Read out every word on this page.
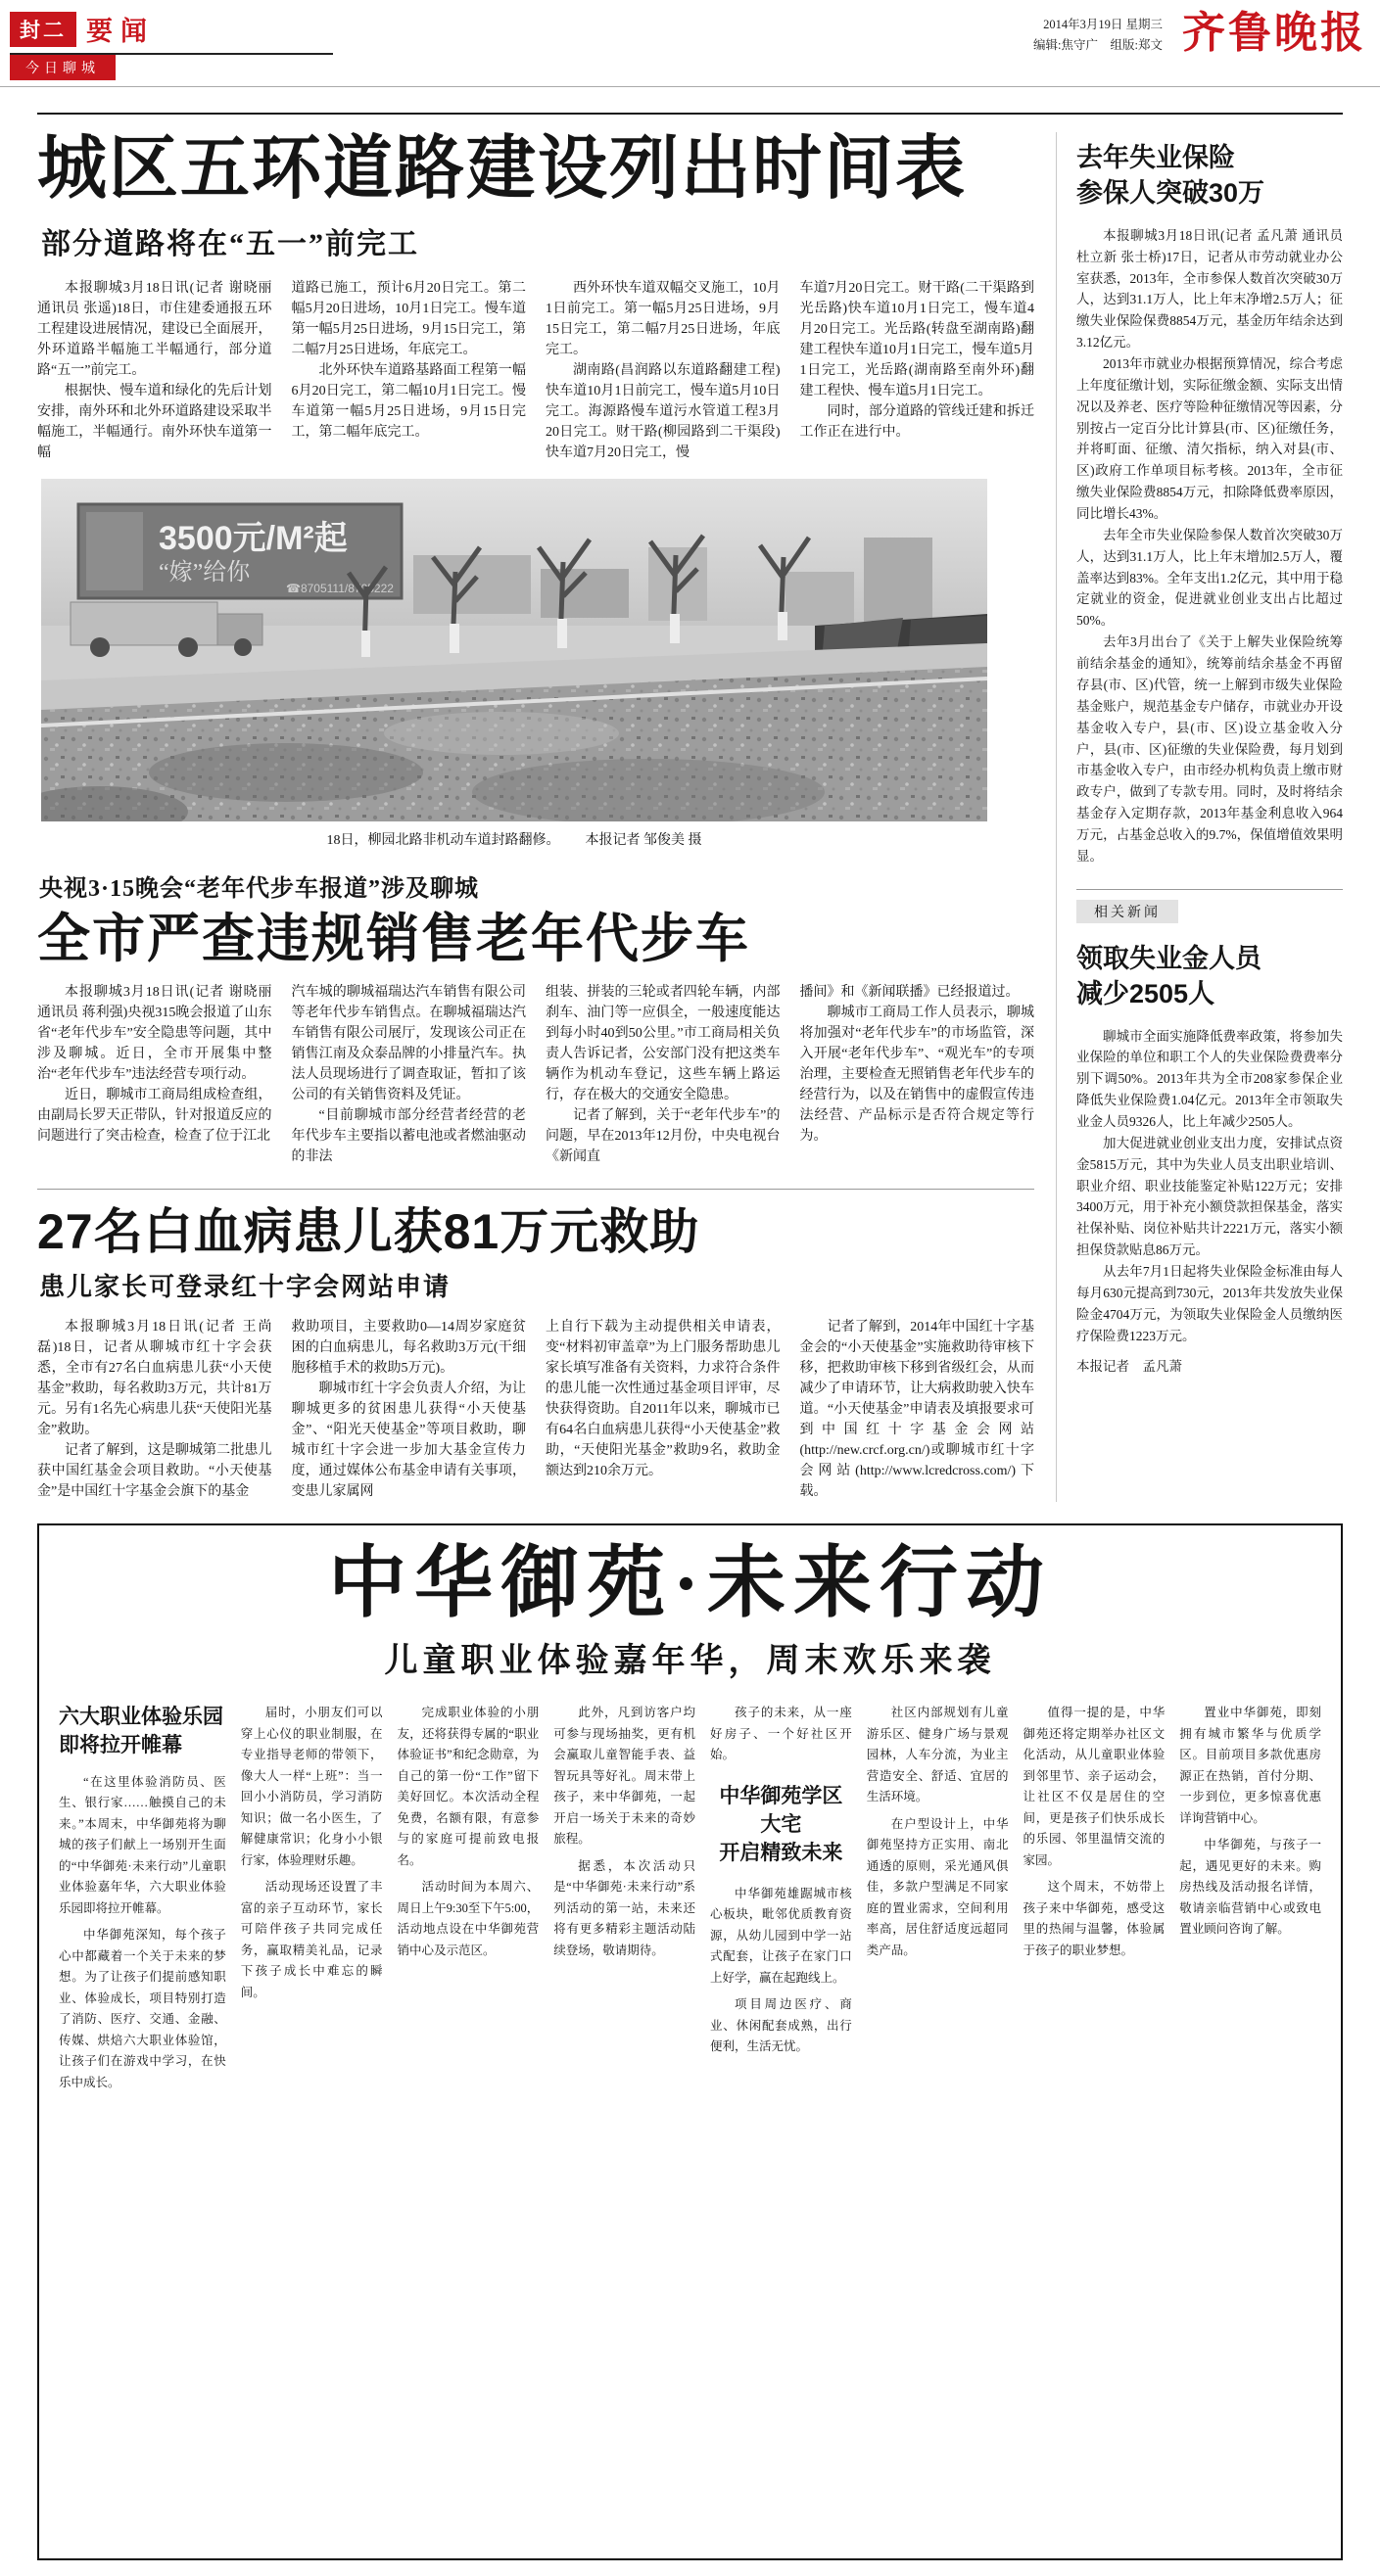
封二 要闻
今日聊城
2014年3月19日 星期三
编辑:焦守广　组版:郑文 齐鲁晚报
城区五环道路建设列出时间表
部分道路将在“五一”前完工

本报聊城3月18日讯(记者 谢晓丽 通讯员 张遥)18日，市住建委通报五环工程建设进展情况，建设已全面展开，外环道路半幅施工半幅通行，部分道路“五一”前完工。

根据快、慢车道和绿化的先后计划安排，南外环和北外环道路建设采取半幅施工，半幅通行。南外环快车道第一幅

道路已施工，预计6月20日完工。第二幅5月20日进场，10月1日完工。慢车道第一幅5月25日进场，9月15日完工，第二幅7月25日进场，年底完工。

北外环快车道路基路面工程第一幅6月20日完工，第二幅10月1日完工。慢车道第一幅5月25日进场，9月15日完工，第二幅年底完工。

西外环快车道双幅交叉施工，10月1日前完工。第一幅5月25日进场，9月15日完工，第二幅7月25日进场，年底完工。

湖南路(昌润路以东道路翻建工程)快车道10月1日前完工，慢车道5月10日完工。海源路慢车道污水管道工程3月20日完工。财干路(柳园路到二干渠段)快车道7月20日完工，慢

车道7月20日完工。财干路(二干渠路到光岳路)快车道10月1日完工，慢车道4月20日完工。光岳路(转盘至湖南路)翻建工程快车道10月1日完工，慢车道5月1日完工，光岳路(湖南路至南外环)翻建工程快、慢车道5月1日完工。

同时，部分道路的管线迁建和拆迁工作正在进行中。

3500元/M²起
“嫁”给你
☎8705111/8705222
18日，柳园北路非机动车道封路翻修。 本报记者 邹俊美 摄
央视3·15晚会“老年代步车报道”涉及聊城
全市严查违规销售老年代步车

本报聊城3月18日讯(记者 谢晓丽 通讯员 蒋利强)央视315晚会报道了山东省“老年代步车”安全隐患等问题，其中涉及聊城。近日，全市开展集中整治“老年代步车”违法经营专项行动。

近日，聊城市工商局组成检查组，由副局长罗天正带队，针对报道反应的问题进行了突击检查，检查了位于江北

汽车城的聊城福瑞达汽车销售有限公司等老年代步车销售点。在聊城福瑞达汽车销售有限公司展厅，发现该公司正在销售江南及众泰品牌的小排量汽车。执法人员现场进行了调查取证，暂扣了该公司的有关销售资料及凭证。

“目前聊城市部分经营者经营的老年代步车主要指以蓄电池或者燃油驱动的非法

组装、拼装的三轮或者四轮车辆，内部刹车、油门等一应俱全，一般速度能达到每小时40到50公里。”市工商局相关负责人告诉记者，公安部门没有把这类车辆作为机动车登记，这些车辆上路运行，存在极大的交通安全隐患。

记者了解到，关于“老年代步车”的问题，早在2013年12月份，中央电视台《新闻直

播间》和《新闻联播》已经报道过。

聊城市工商局工作人员表示，聊城将加强对“老年代步车”的市场监管，深入开展“老年代步车”、“观光车”的专项治理，主要检查无照销售老年代步车的经营行为，以及在销售中的虚假宣传违法经营、产品标示是否符合规定等行为。

27名白血病患儿获81万元救助
患儿家长可登录红十字会网站申请

本报聊城3月18日讯(记者 王尚磊)18日，记者从聊城市红十字会获悉，全市有27名白血病患儿获“小天使基金”救助，每名救助3万元，共计81万元。另有1名先心病患儿获“天使阳光基金”救助。

记者了解到，这是聊城第二批患儿获中国红基金会项目救助。“小天使基金”是中国红十字基金会旗下的基金

救助项目，主要救助0—14周岁家庭贫困的白血病患儿，每名救助3万元(干细胞移植手术的救助5万元)。

聊城市红十字会负责人介绍，为让聊城更多的贫困患儿获得“小天使基金”、“阳光天使基金”等项目救助，聊城市红十字会进一步加大基金宣传力度，通过媒体公布基金申请有关事项，变患儿家属网

上自行下载为主动提供相关申请表，变“材料初审盖章”为上门服务帮助患儿家长填写准备有关资料，力求符合条件的患儿能一次性通过基金项目评审，尽快获得资助。自2011年以来，聊城市已有64名白血病患儿获得“小天使基金”救助，“天使阳光基金”救助9名，救助金额达到210余万元。

记者了解到，2014年中国红十字基金会的“小天使基金”实施救助待审核下移，把救助审核下移到省级红会，从而减少了申请环节，让大病救助驶入快车道。“小天使基金”申请表及填报要求可到中国红十字基金会网站(http://new.crcf.org.cn/)或聊城市红十字会网站(http://www.lcredcross.com/)下载。

去年失业保险
参保人突破30万

本报聊城3月18日讯(记者 孟凡萧 通讯员 杜立新 张士桥)17日，记者从市劳动就业办公室获悉，2013年，全市参保人数首次突破30万人，达到31.1万人，比上年末净增2.5万人；征缴失业保险保费8854万元，基金历年结余达到3.12亿元。

2013年市就业办根据预算情况，综合考虑上年度征缴计划，实际征缴金额、实际支出情况以及养老、医疗等险种征缴情况等因素，分别按占一定百分比计算县(市、区)征缴任务，并将町面、征缴、清欠指标，纳入对县(市、区)政府工作单项目标考核。2013年，全市征缴失业保险费8854万元，扣除降低费率原因，同比增长43%。

去年全市失业保险参保人数首次突破30万人，达到31.1万人，比上年末增加2.5万人，覆盖率达到83%。全年支出1.2亿元，其中用于稳定就业的资金，促进就业创业支出占比超过50%。

去年3月出台了《关于上解失业保险统筹前结余基金的通知》，统筹前结余基金不再留存县(市、区)代管，统一上解到市级失业保险基金账户，规范基金专户储存，市就业办开设基金收入专户，县(市、区)设立基金收入分户，县(市、区)征缴的失业保险费，每月划到市基金收入专户，由市经办机构负责上缴市财政专户，做到了专款专用。同时，及时将结余基金存入定期存款，2013年基金利息收入964万元，占基金总收入的9.7%，保值增值效果明显。

相关新闻
领取失业金人员
减少2505人

聊城市全面实施降低费率政策，将参加失业保险的单位和职工个人的失业保险费费率分别下调50%。2013年共为全市208家参保企业降低失业保险费1.04亿元。2013年全市领取失业金人员9326人，比上年减少2505人。

加大促进就业创业支出力度，安排试点资金5815万元，其中为失业人员支出职业培训、职业介绍、职业技能鉴定补贴122万元；安排3400万元，用于补充小额贷款担保基金，落实社保补贴、岗位补贴共计2221万元，落实小额担保贷款贴息86万元。

从去年7月1日起将失业保险金标准由每人每月630元提高到730元，2013年共发放失业保险金4704万元，为领取失业保险金人员缴纳医疗保险费1223万元。

本报记者　孟凡萧

中华御苑·未来行动
儿童职业体验嘉年华，周末欢乐来袭
六大职业体验乐园
即将拉开帷幕

“在这里体验消防员、医生、银行家……触摸自己的未来。”本周末，中华御苑将为聊城的孩子们献上一场别开生面的“中华御苑·未来行动”儿童职业体验嘉年华，六大职业体验乐园即将拉开帷幕。

中华御苑深知，每个孩子心中都藏着一个关于未来的梦想。为了让孩子们提前感知职业、体验成长，项目特别打造了消防、医疗、交通、金融、传媒、烘焙六大职业体验馆，让孩子们在游戏中学习，在快乐中成长。

届时，小朋友们可以穿上心仪的职业制服，在专业指导老师的带领下，像大人一样“上班”：当一回小小消防员，学习消防知识；做一名小医生，了解健康常识；化身小小银行家，体验理财乐趣。

活动现场还设置了丰富的亲子互动环节，家长可陪伴孩子共同完成任务，赢取精美礼品，记录下孩子成长中难忘的瞬间。

完成职业体验的小朋友，还将获得专属的“职业体验证书”和纪念勋章，为自己的第一份“工作”留下美好回忆。本次活动全程免费，名额有限，有意参与的家庭可提前致电报名。

活动时间为本周六、周日上午9:30至下午5:00，活动地点设在中华御苑营销中心及示范区。

此外，凡到访客户均可参与现场抽奖，更有机会赢取儿童智能手表、益智玩具等好礼。周末带上孩子，来中华御苑，一起开启一场关于未来的奇妙旅程。

据悉，本次活动只是“中华御苑·未来行动”系列活动的第一站，未来还将有更多精彩主题活动陆续登场，敬请期待。

孩子的未来，从一座好房子、一个好社区开始。

中华御苑学区大宅
开启精致未来

中华御苑雄踞城市核心板块，毗邻优质教育资源，从幼儿园到中学一站式配套，让孩子在家门口上好学，赢在起跑线上。

项目周边医疗、商业、休闲配套成熟，出行便利，生活无忧。

社区内部规划有儿童游乐区、健身广场与景观园林，人车分流，为业主营造安全、舒适、宜居的生活环境。

在户型设计上，中华御苑坚持方正实用、南北通透的原则，采光通风俱佳，多款户型满足不同家庭的置业需求，空间利用率高，居住舒适度远超同类产品。

值得一提的是，中华御苑还将定期举办社区文化活动，从儿童职业体验到邻里节、亲子运动会，让社区不仅是居住的空间，更是孩子们快乐成长的乐园、邻里温情交流的家园。

这个周末，不妨带上孩子来中华御苑，感受这里的热闹与温馨，体验属于孩子的职业梦想。

置业中华御苑，即刻拥有城市繁华与优质学区。目前项目多款优惠房源正在热销，首付分期、一步到位，更多惊喜优惠详询营销中心。

中华御苑，与孩子一起，遇见更好的未来。购房热线及活动报名详情，敬请亲临营销中心或致电置业顾问咨询了解。
